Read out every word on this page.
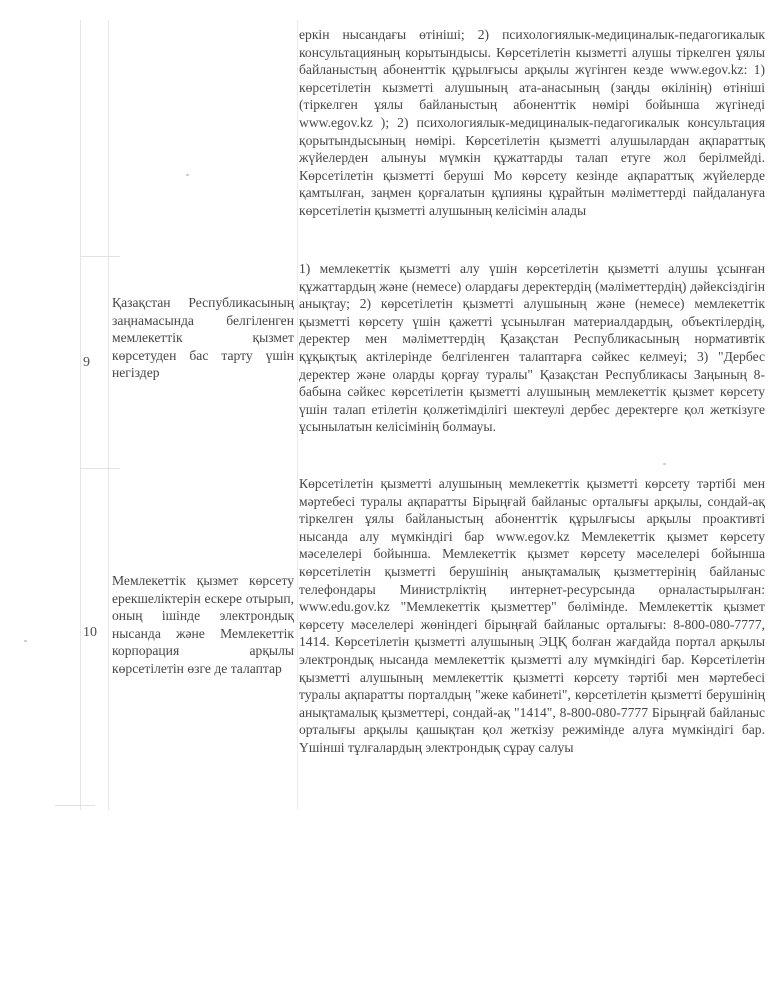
еркін нысандағы өтініші; 2) психологиялык-медициналык-педагогикалык консультацияның корытындысы. Көрсетілетін кызметті алушы тіркелген ұялы байланыстың абоненттік құрылғысы арқылы жүгінген кезде www.egov.kz: 1) көрсетілетін кызметті алушының ата-анасының (заңды өкілінің) өтініші (тіркелген ұялы байланыстың абоненттік нөмірі бойынша жүгінеді www.egov.kz ); 2) психологиялык-медициналык-педагогикалык консультация қорытындысының нөмірі. Көрсетілетін қызметті алушылардан ақпараттық жүйелерден алынуы мүмкін құжаттарды талап етуге жол берілмейді. Көрсетілетін қызметті беруші Мо көрсету кезінде ақпараттық жүйелерде қамтылған, заңмен қорғалатын құпияны құрайтын мәліметтерді пайдалануға көрсетілетін қызметті алушының келісімін алады
9
Қазақстан Республикасының заңнамасында белгіленген мемлекеттік қызмет көрсетуден бас тарту үшін негіздер
1) мемлекеттік қызметті алу үшін көрсетілетін қызметті алушы ұсынған құжаттардың және (немесе) олардағы деректердің (мәліметтердің) дәйексіздігін анықтау; 2) көрсетілетін қызметті алушының және (немесе) мемлекеттік қызметті көрсету үшін қажетті ұсынылған материалдардың, объектілердің, деректер мен мәліметтердің Қазақстан Республикасының нормативтік құқықтық актілерінде белгіленген талаптарға сәйкес келмеуі; 3) "Дербес деректер және оларды қорғау туралы" Қазақстан Республикасы Заңының 8-бабына сәйкес көрсетілетін қызметті алушының мемлекеттік қызмет көрсету үшін талап етілетін қолжетімділігі шектеулі дербес деректерге қол жеткізуге ұсынылатын келісімінің болмауы.
10
Мемлекеттік қызмет көрсету ерекшеліктерін ескере отырып, оның ішінде электрондық нысанда және Мемлекеттік корпорация арқылы көрсетілетін өзге де талаптар
Көрсетілетін қызметті алушының мемлекеттік қызметті көрсету тәртібі мен мәртебесі туралы ақпаратты Бірыңғай байланыс орталығы арқылы, сондай-ақ тіркелген ұялы байланыстың абоненттік құрылғысы арқылы проактивті нысанда алу мүмкіндігі бар www.egov.kz Мемлекеттік қызмет көрсету мәселелері бойынша. Мемлекеттік қызмет көрсету мәселелері бойынша көрсетілетін қызметті берушінің анықтамалық қызметтерінің байланыс телефондары Министрліктің интернет-ресурсында орналастырылған: www.edu.gov.kz "Мемлекеттік қызметтер" бөлімінде. Мемлекеттік қызмет көрсету мәселелері жөніндегі бірыңғай байланыс орталығы: 8-800-080-7777, 1414. Көрсетілетін қызметті алушының ЭЦҚ болған жағдайда портал арқылы электрондық нысанда мемлекеттік қызметті алу мүмкіндігі бар. Көрсетілетін қызметті алушының мемлекеттік қызметті көрсету тәртібі мен мәртебесі туралы ақпаратты порталдың "жеке кабинеті", көрсетілетін қызметті берушінің анықтамалық қызметтері, сондай-ақ "1414", 8-800-080-7777 Бірыңғай байланыс орталығы арқылы қашықтан қол жеткізу режимінде алуға мүмкіндігі бар. Үшінші тұлғалардың электрондық сұрау салуы
